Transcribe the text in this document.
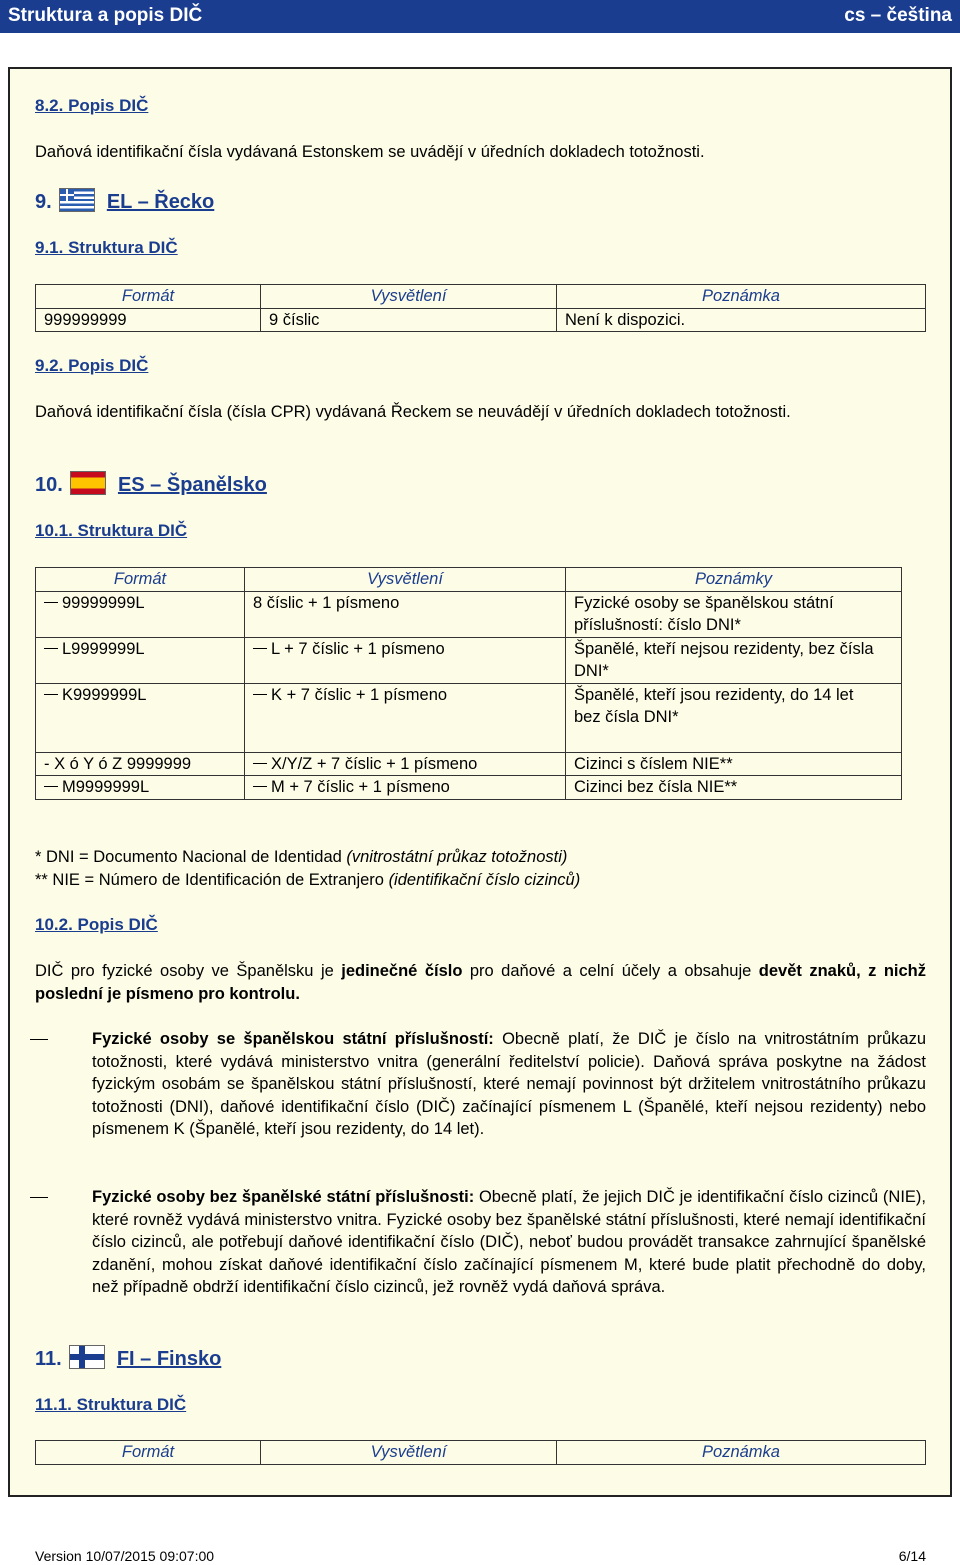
Struktura a popis DIČ	cs – čeština
8.2. Popis DIČ
Daňová identifikační čísla vydávaná Estonskem se uvádějí v úředních dokladech totožnosti.
9.	EL – Řecko
9.1. Struktura DIČ
Formát	Vysvětlení	Poznámka
999999999	9 číslic	Není k dispozici.
9.2. Popis DIČ
Daňová identifikační čísla (čísla CPR) vydávaná Řeckem se neuvádějí v úředních dokladech totožnosti.
10.	ES – Španělsko
10.1. Struktura DIČ
Formát	Vysvětlení	Poznámky
99999999L	8 číslic + 1 písmeno	Fyzické osoby se španělskou státní příslušností: číslo DNI*
L9999999L	L + 7 číslic + 1 písmeno	Španělé, kteří nejsou rezidenty, bez čísla DNI*
K9999999L	K + 7 číslic + 1 písmeno	Španělé, kteří jsou rezidenty, do 14 let
bez čísla DNI*
- X ó Y ó Z 9999999	X/Y/Z + 7 číslic + 1 písmeno	Cizinci s číslem NIE**
M9999999L	M + 7 číslic + 1 písmeno	Cizinci bez čísla NIE**
* DNI = Documento Nacional de Identidad (vnitrostátní průkaz totožnosti)
** NIE = Número de Identificación de Extranjero (identifikační číslo cizinců)
10.2. Popis DIČ
DIČ pro fyzické osoby ve Španělsku je jedinečné číslo pro daňové a celní účely a obsahuje devět znaků, z nichž poslední je písmeno pro kontrolu.
Fyzické osoby se španělskou státní příslušností: Obecně platí, že DIČ je číslo na vnitrostátním průkazu totožnosti, které vydává ministerstvo vnitra (generální ředitelství policie). Daňová správa poskytne na žádost fyzickým osobám se španělskou státní příslušností, které nemají povinnost být držitelem vnitrostátního průkazu totožnosti (DNI), daňové identifikační číslo (DIČ) začínající písmenem L (Španělé, kteří nejsou rezidenty) nebo písmenem K (Španělé, kteří jsou rezidenty, do 14 let).
Fyzické osoby bez španělské státní příslušnosti: Obecně platí, že jejich DIČ je identifikační číslo cizinců (NIE), které rovněž vydává ministerstvo vnitra. Fyzické osoby bez španělské státní příslušnosti, které nemají identifikační číslo cizinců, ale potřebují daňové identifikační číslo (DIČ), neboť budou provádět transakce zahrnující španělské zdanění, mohou získat daňové identifikační číslo začínající písmenem M, které bude platit přechodně do doby, než případně obdrží identifikační číslo cizinců, jež rovněž vydá daňová správa.
11.	FI – Finsko
11.1. Struktura DIČ
Formát	Vysvětlení	Poznámka
Version 10/07/2015 09:07:00	6/14
